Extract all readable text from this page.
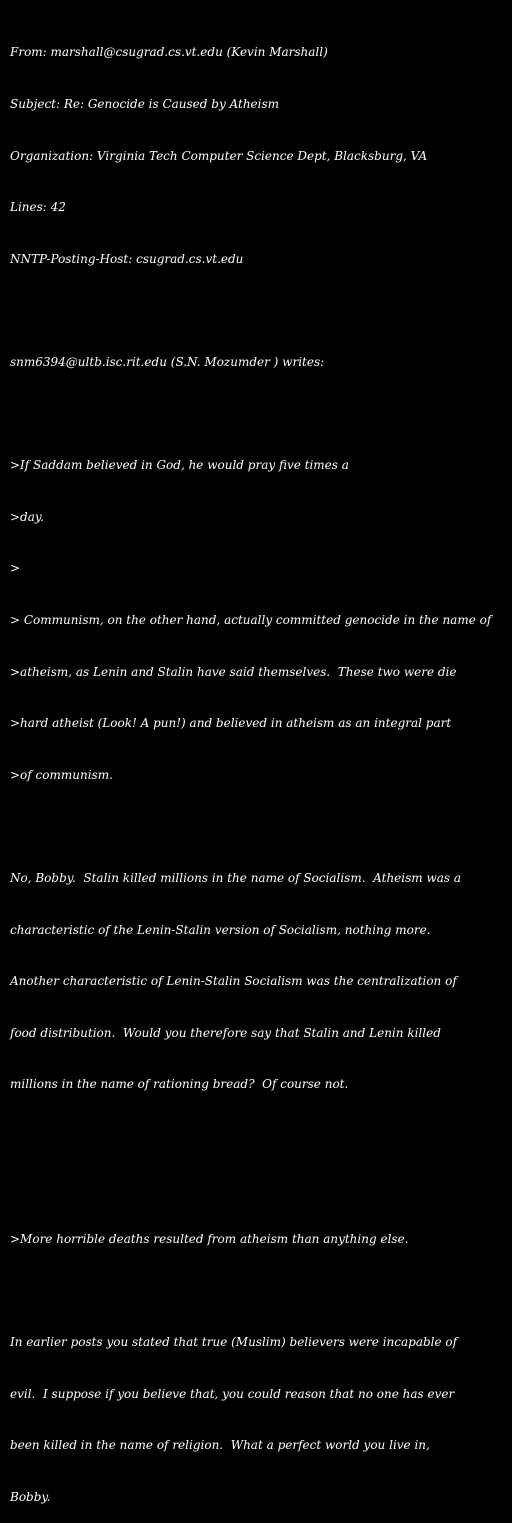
From: marshall@csugrad.cs.vt.edu (Kevin Marshall)

Subject: Re: Genocide is Caused by Atheism

Organization: Virginia Tech Computer Science Dept, Blacksburg, VA

Lines: 42

NNTP-Posting-Host: csugrad.cs.vt.edu

snm6394@ultb.isc.rit.edu (S.N. Mozumder ) writes:

>If Saddam believed in God, he would pray five times a

>day.

>

> Communism, on the other hand, actually committed genocide in the name of

>atheism, as Lenin and Stalin have said themselves.  These two were die

>hard atheist (Look! A pun!) and believed in atheism as an integral part

>of communism.

No, Bobby.  Stalin killed millions in the name of Socialism.  Atheism was a

characteristic of the Lenin-Stalin version of Socialism, nothing more.

Another characteristic of Lenin-Stalin Socialism was the centralization of

food distribution.  Would you therefore say that Stalin and Lenin killed

millions in the name of rationing bread?  Of course not.

>More horrible deaths resulted from atheism than anything else.

In earlier posts you stated that true (Muslim) believers were incapable of

evil.  I suppose if you believe that, you could reason that no one has ever

been killed in the name of religion.  What a perfect world you live in,

Bobby.
